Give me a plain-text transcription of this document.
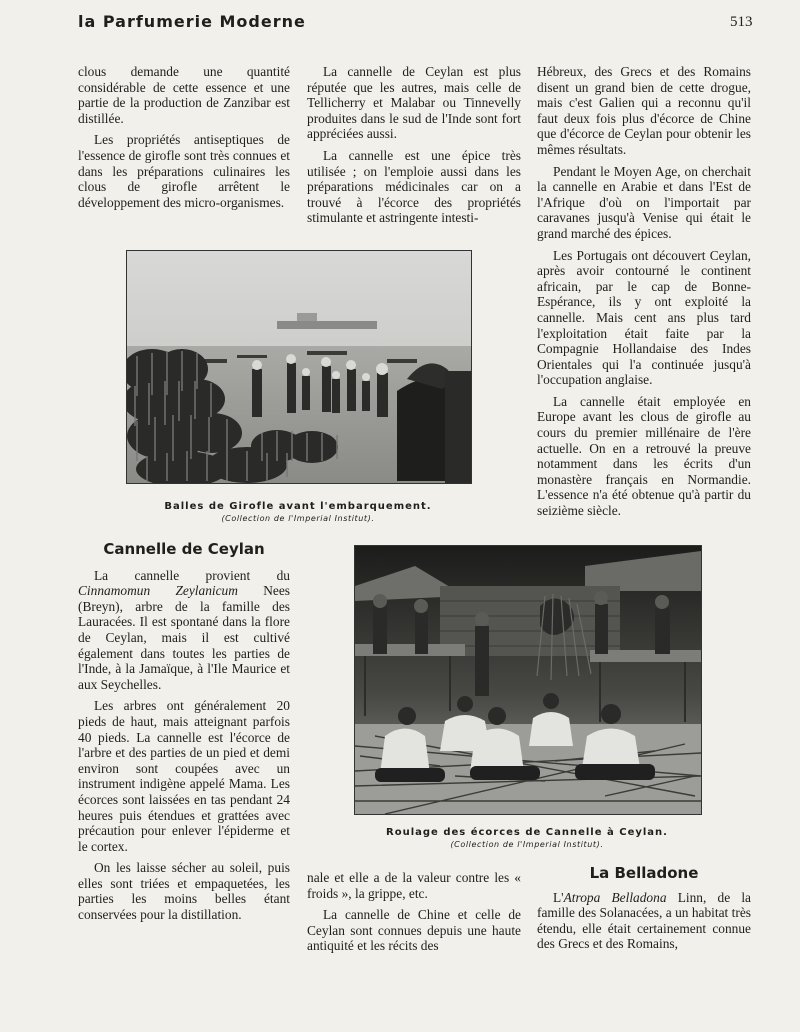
la Parfumerie Moderne	513

clous demande une quantité considérable de cette essence et une partie de la production de Zanzibar est distillée.

Les propriétés antiseptiques de l'essence de girofle sont très connues et dans les préparations culinaires les clous de girofle arrêtent le développement des micro-organismes.

La cannelle de Ceylan est plus réputée que les autres, mais celle de Tellicherry et Malabar ou Tinnevelly produites dans le sud de l'Inde sont fort appréciées aussi.

La cannelle est une épice très utilisée ; on l'emploie aussi dans les préparations médicinales car on a trouvé à l'écorce des propriétés stimulante et astringente intesti-

Hébreux, des Grecs et des Romains disent un grand bien de cette drogue, mais c'est Galien qui a reconnu qu'il faut deux fois plus d'écorce de Chine que d'écorce de Ceylan pour obtenir les mêmes résultats.

Pendant le Moyen Age, on cherchait la cannelle en Arabie et dans l'Est de l'Afrique d'où on l'importait par caravanes jusqu'à Venise qui était le grand marché des épices.

Les Portugais ont découvert Ceylan, après avoir contourné le continent africain, par le cap de Bonne-Espérance, ils y ont exploité la cannelle. Mais cent ans plus tard l'exploitation était faite par la Compagnie Hollandaise des Indes Orientales qui l'a continuée jusqu'à l'occupation anglaise.

La cannelle était employée en Europe avant les clous de girofle au cours du premier millénaire de l'ère actuelle. On en a retrouvé la preuve notamment dans les écrits d'un monastère français en Normandie. L'essence n'a été obtenue qu'à partir du seizième siècle.

Balles de Girofle avant l'embarquement.
(Collection de l'Imperial Institut).
Cannelle de Ceylan

La cannelle provient du Cinnamomun Zeylanicum Nees (Breyn), arbre de la famille des Lauracées. Il est spontané dans la flore de Ceylan, mais il est cultivé également dans toutes les parties de l'Inde, à la Jamaïque, à l'Ile Maurice et aux Seychelles.

Les arbres ont généralement 20 pieds de haut, mais atteignant parfois 40 pieds. La cannelle est l'écorce de l'arbre et des parties de un pied et demi environ sont coupées avec un instrument indigène appelé Mama. Les écorces sont laissées en tas pendant 24 heures puis étendues et grattées avec précaution pour enlever l'épiderme et le cortex.

On les laisse sécher au soleil, puis elles sont triées et empaquetées, les parties les moins belles étant conservées pour la distillation.

Roulage des écorces de Cannelle à Ceylan.
(Collection de l'Imperial Institut).

nale et elle a de la valeur contre les « froids », la grippe, etc.

La cannelle de Chine et celle de Ceylan sont connues depuis une haute antiquité et les récits des

La Belladone

L'Atropa Belladona Linn, de la famille des Solanacées, a un habitat très étendu, elle était certainement connue des Grecs et des Romains,
